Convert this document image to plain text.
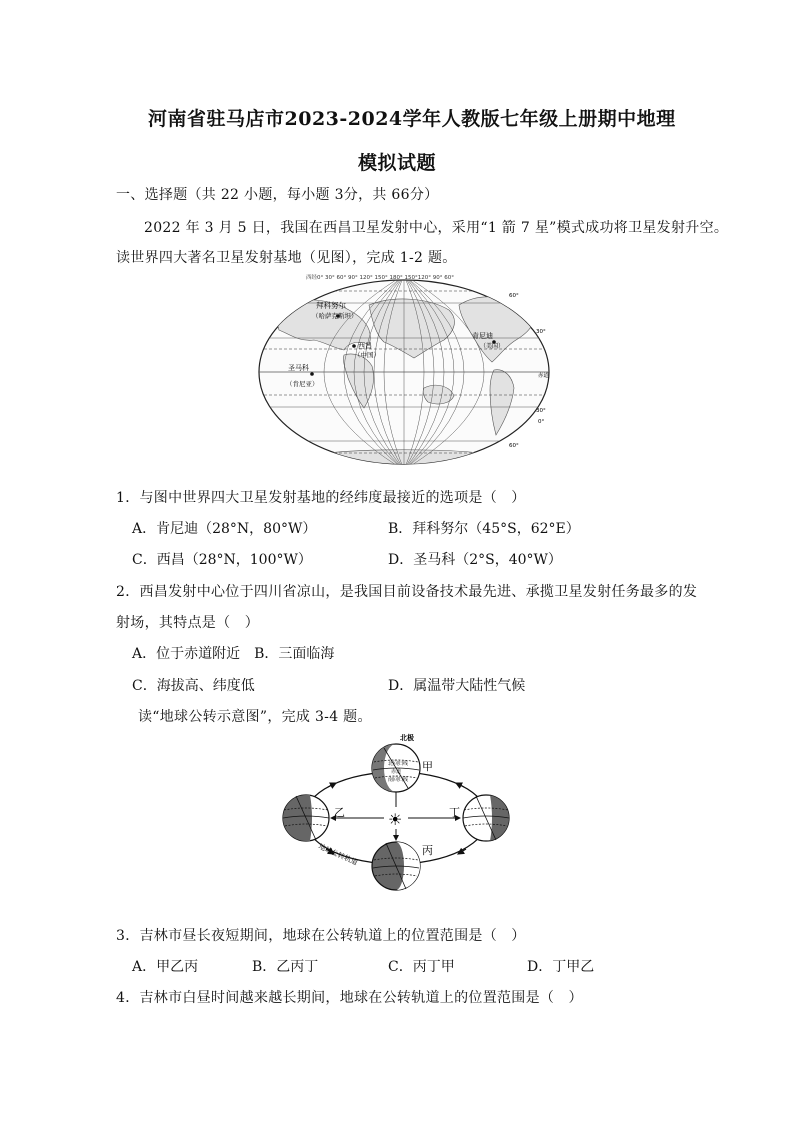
河南省驻马店市2023-2024学年人教版七年级上册期中地理
模拟试题
一、选择题（共 22 小题，每小题 3分，共 66分）
2022 年 3 月 5 日，我国在西昌卫星发射中心，采用“1 箭 7 星”模式成功将卫星发射升空。
读世界四大著名卫星发射基地（见图），完成 1-2 题。
西经0° 30° 60° 90° 120° 150° 180° 150°120° 90° 60°
60°
30°
赤道
30°
0°
60°
拜科努尔
（哈萨克斯坦）
西昌
（中国）
圣马科
（肯尼亚）
肯尼迪
（美国）
1．与图中世界四大卫星发射基地的经纬度最接近的选项是（　）
A．肯尼迪（28°N，80°W）	B．拜科努尔（45°S，62°E）
C．西昌（28°N，100°W）	D．圣马科（2°S，40°W）
2．西昌发射中心位于四川省凉山，是我国目前设备技术最先进、承揽卫星发射任务最多的发
射场，其特点是（　）
A．位于赤道附近　B．三面临海
C．海拔高、纬度低	D．属温带大陆性气候
读“地球公转示意图”，完成 3-4 题。
☀
北回归线
赤道
南回归线
北极
甲
乙
丙
丁
地球公转轨道
3．吉林市昼长夜短期间，地球在公转轨道上的位置范围是（　）
A．甲乙丙	B．乙丙丁	C．丙丁甲	D．丁甲乙
4．吉林市白昼时间越来越长期间，地球在公转轨道上的位置范围是（　）
